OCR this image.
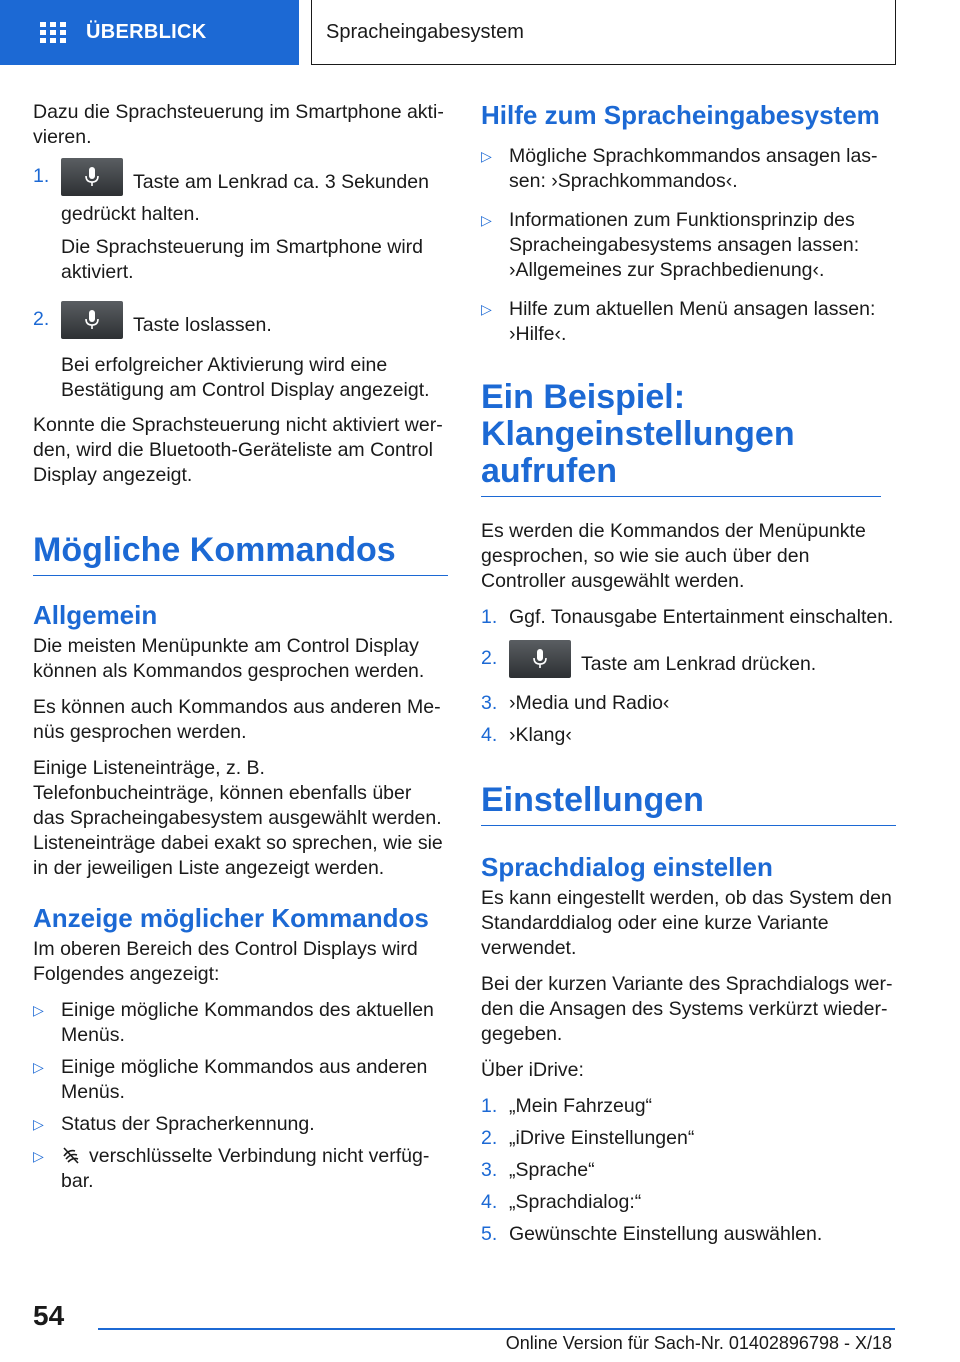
ÜBERBLICK	Spracheingabesystem

Dazu die Sprachsteuerung im Smartphone aktivieren.

1.	Taste am Lenkrad ca. 3 Sekunden gedrückt halten.
Die Sprachsteuerung im Smartphone wird aktiviert.
2.	Taste loslassen.
Bei erfolgreicher Aktivierung wird eine Bestätigung am Control Display angezeigt.

Konnte die Sprachsteuerung nicht aktiviert werden, wird die Bluetooth-Geräteliste am Control Display angezeigt.

Mögliche Kommandos
Allgemein

Die meisten Menüpunkte am Control Display können als Kommandos gesprochen werden.

Es können auch Kommandos aus anderen Menüs gesprochen werden.

Einige Listeneinträge, z. B. Telefonbucheinträge, können ebenfalls über das Spracheingabesystem ausgewählt werden. Listeneinträge dabei exakt so sprechen, wie sie in der jeweiligen Liste angezeigt werden.

Anzeige möglicher Kommandos

Im oberen Bereich des Control Displays wird Folgendes angezeigt:

▷ Einige mögliche Kommandos des aktuellen Menüs.
▷ Einige mögliche Kommandos aus anderen Menüs.
▷ Status der Spracherkennung.
▷	verschlüsselte Verbindung nicht verfügbar.
Hilfe zum Spracheingabesystem
▷ Mögliche Sprachkommandos ansagen lassen: ›Sprachkommandos‹.
▷ Informationen zum Funktionsprinzip des Spracheingabesystems ansagen lassen: ›Allgemeines zur Sprachbedienung‹.
▷ Hilfe zum aktuellen Menü ansagen lassen: ›Hilfe‹.
Ein Beispiel: Klangeinstellungen aufrufen

Es werden die Kommandos der Menüpunkte gesprochen, so wie sie auch über den Controller ausgewählt werden.

1. Ggf. Tonausgabe Entertainment einschalten.
2.	Taste am Lenkrad drücken.
3. ›Media und Radio‹
4. ›Klang‹
Einstellungen
Sprachdialog einstellen

Es kann eingestellt werden, ob das System den Standarddialog oder eine kurze Variante verwendet.

Bei der kurzen Variante des Sprachdialogs werden die Ansagen des Systems verkürzt wiedergegeben.

Über iDrive:

1. „Mein Fahrzeug“
2. „iDrive Einstellungen“
3. „Sprache“
4. „Sprachdialog:“
5. Gewünschte Einstellung auswählen.
54
Online Version für Sach-Nr. 01402896798 - X/18
